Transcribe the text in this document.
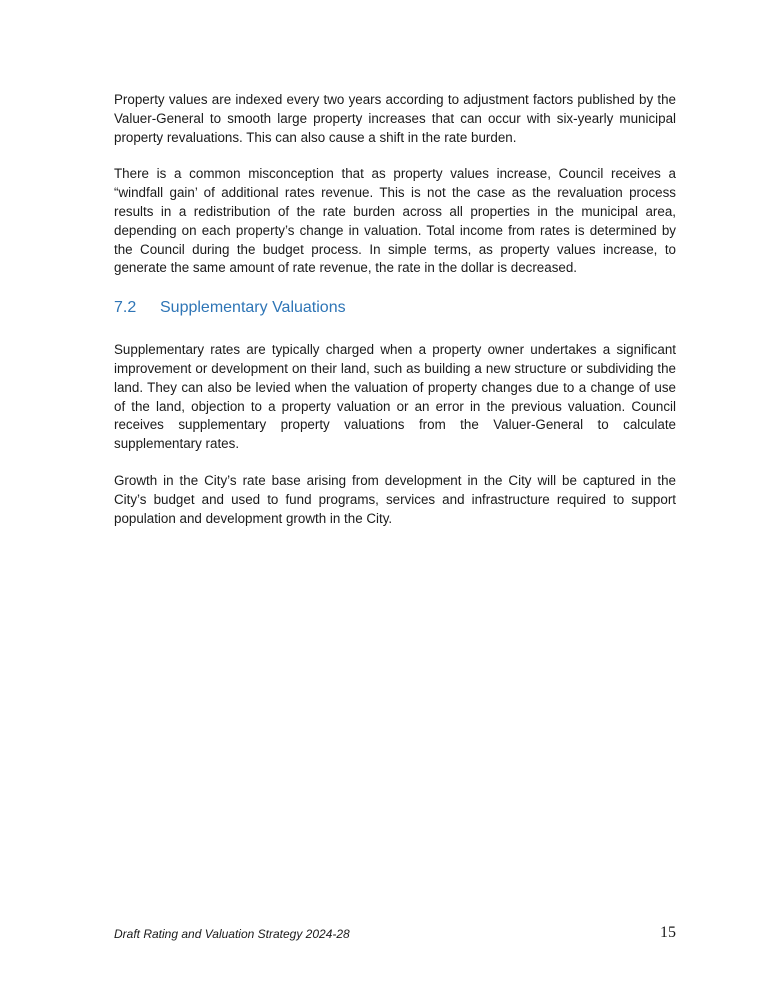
Property values are indexed every two years according to adjustment factors published by the Valuer-General to smooth large property increases that can occur with six-yearly municipal property revaluations. This can also cause a shift in the rate burden.

There is a common misconception that as property values increase, Council receives a “windfall gain’ of additional rates revenue. This is not the case as the revaluation process results in a redistribution of the rate burden across all properties in the municipal area, depending on each property’s change in valuation. Total income from rates is determined by the Council during the budget process. In simple terms, as property values increase, to generate the same amount of rate revenue, the rate in the dollar is decreased.

7.2	Supplementary Valuations

Supplementary rates are typically charged when a property owner undertakes a significant improvement or development on their land, such as building a new structure or subdividing the land. They can also be levied when the valuation of property changes due to a change of use of the land, objection to a property valuation or an error in the previous valuation. Council receives supplementary property valuations from the Valuer-General to calculate supplementary rates.

Growth in the City’s rate base arising from development in the City will be captured in the City’s budget and used to fund programs, services and infrastructure required to support population and development growth in the City.

Draft Rating and Valuation Strategy 2024-28	15
